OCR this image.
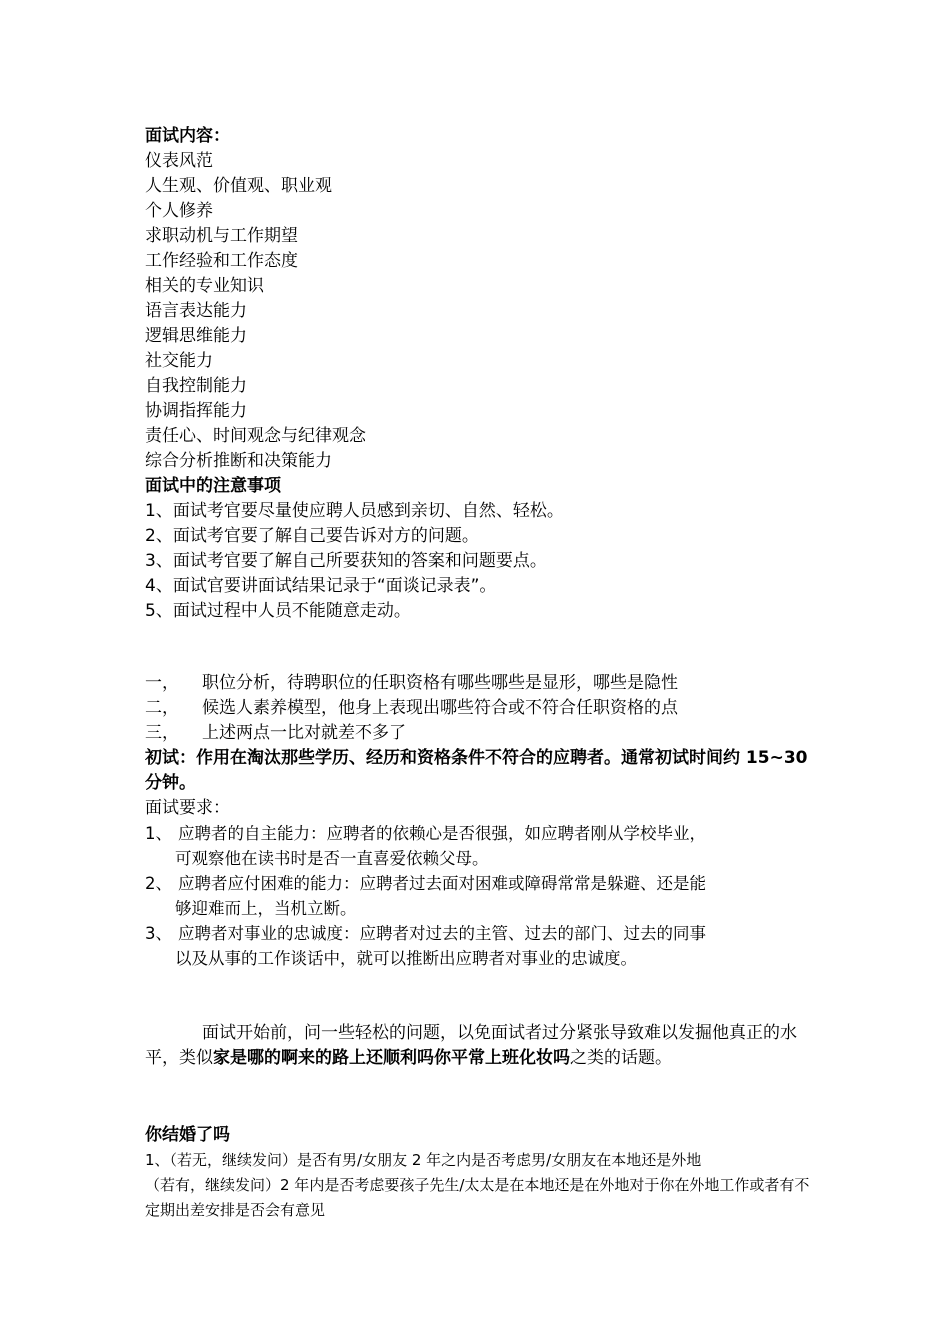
面试内容：
仪表风范
人生观、价值观、职业观
个人修养
求职动机与工作期望
工作经验和工作态度
相关的专业知识
语言表达能力
逻辑思维能力
社交能力
自我控制能力
协调指挥能力
责任心、时间观念与纪律观念
综合分析推断和决策能力
面试中的注意事项
1、面试考官要尽量使应聘人员感到亲切、自然、轻松。
2、面试考官要了解自己要告诉对方的问题。
3、面试考官要了解自己所要获知的答案和问题要点。
4、面试官要讲面试结果记录于“面谈记录表”。
5、面试过程中人员不能随意走动。
一， 职位分析，待聘职位的任职资格有哪些哪些是显形，哪些是隐性
二， 候选人素养模型，他身上表现出哪些符合或不符合任职资格的点
三， 上述两点一比对就差不多了
初试：作用在淘汰那些学历、经历和资格条件不符合的应聘者。通常初试时间约 15~30 分钟。
面试要求：
1、 应聘者的自主能力：应聘者的依赖心是否很强，如应聘者刚从学校毕业，
可观察他在读书时是否一直喜爱依赖父母。
2、 应聘者应付困难的能力：应聘者过去面对困难或障碍常常是躲避、还是能
够迎难而上，当机立断。
3、 应聘者对事业的忠诚度：应聘者对过去的主管、过去的部门、过去的同事
以及从事的工作谈话中，就可以推断出应聘者对事业的忠诚度。
面试开始前，问一些轻松的问题，以免面试者过分紧张导致难以发掘他真正的水平，类似家是哪的啊来的路上还顺利吗你平常上班化妆吗之类的话题。
你结婚了吗
1、（若无，继续发问）是否有男/女朋友 2 年之内是否考虑男/女朋友在本地还是外地
（若有，继续发问）2 年内是否考虑要孩子先生/太太是在本地还是在外地对于你在外地工作或者有不定期出差安排是否会有意见
